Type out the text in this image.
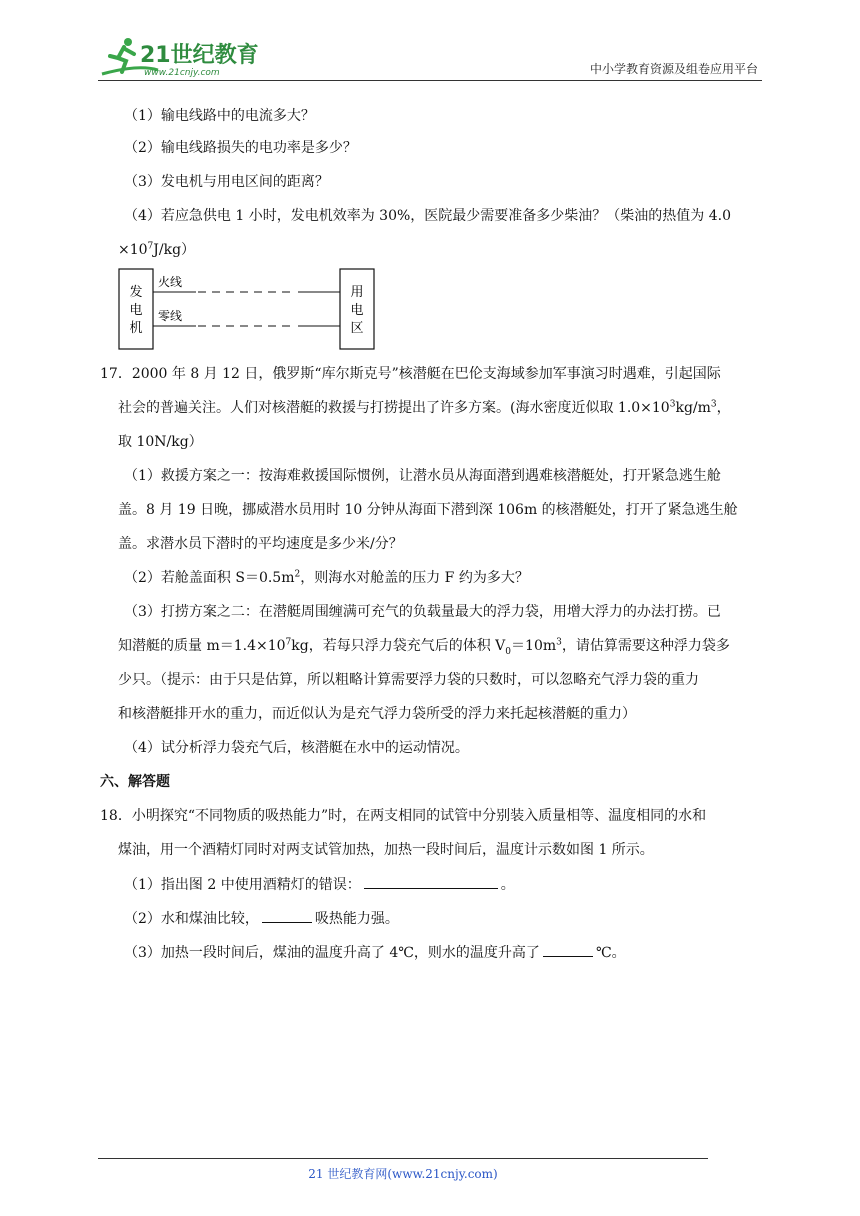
21世纪教育
www.21cnjy.com	中小学教育资源及组卷应用平台
（1）输电线路中的电流多大？
（2）输电线路损失的电功率是多少？
（3）发电机与用电区间的距离？
（4）若应急供电 1 小时，发电机效率为 30%，医院最少需要准备多少柴油？（柴油的热值为 4.0
$\times 10^7J/kg$）
发
电
机
用
电
区
火线
零线
17．2000 年 8 月 12 日，俄罗斯“库尔斯克号”核潜艇在巴伦支海域参加军事演习时遇难，引起国际
社会的普遍关注。人们对核潜艇的救援与打捞提出了许多方案。(海水密度近似取 $1.0\times 10^3kg/m^3$，
取 10N/kg）
（1）救援方案之一：按海难救援国际惯例，让潜水员从海面潜到遇难核潜艇处，打开紧急逃生舱
盖。8 月 19 日晚，挪威潜水员用时 10 分钟从海面下潜到深 106m 的核潜艇处，打开了紧急逃生舱
盖。求潜水员下潜时的平均速度是多少米/分？
（2）若舱盖面积 $S=0.5m^2$，则海水对舱盖的压力 F 约为多大？
（3）打捞方案之二：在潜艇周围缠满可充气的负载量最大的浮力袋，用增大浮力的办法打捞。已
知潜艇的质量 $m=1.4\times 10^7kg$，若每只浮力袋充气后的体积 $V_0=10m^3$，请估算需要这种浮力袋多
少只。（提示：由于只是估算，所以粗略计算需要浮力袋的只数时，可以忽略充气浮力袋的重力
和核潜艇排开水的重力，而近似认为是充气浮力袋所受的浮力来托起核潜艇的重力）
（4）试分析浮力袋充气后，核潜艇在水中的运动情况。
六、解答题
18．小明探究“不同物质的吸热能力”时，在两支相同的试管中分别装入质量相等、温度相同的水和
煤油，用一个酒精灯同时对两支试管加热，加热一段时间后，温度计示数如图 1 所示。
（1）指出图 2 中使用酒精灯的错误：	。
（2）水和煤油比较，	吸热能力强。
（3）加热一段时间后，煤油的温度升高了 4℃，则水的温度升高了	℃。
21 世纪教育网(www.21cnjy.com)
